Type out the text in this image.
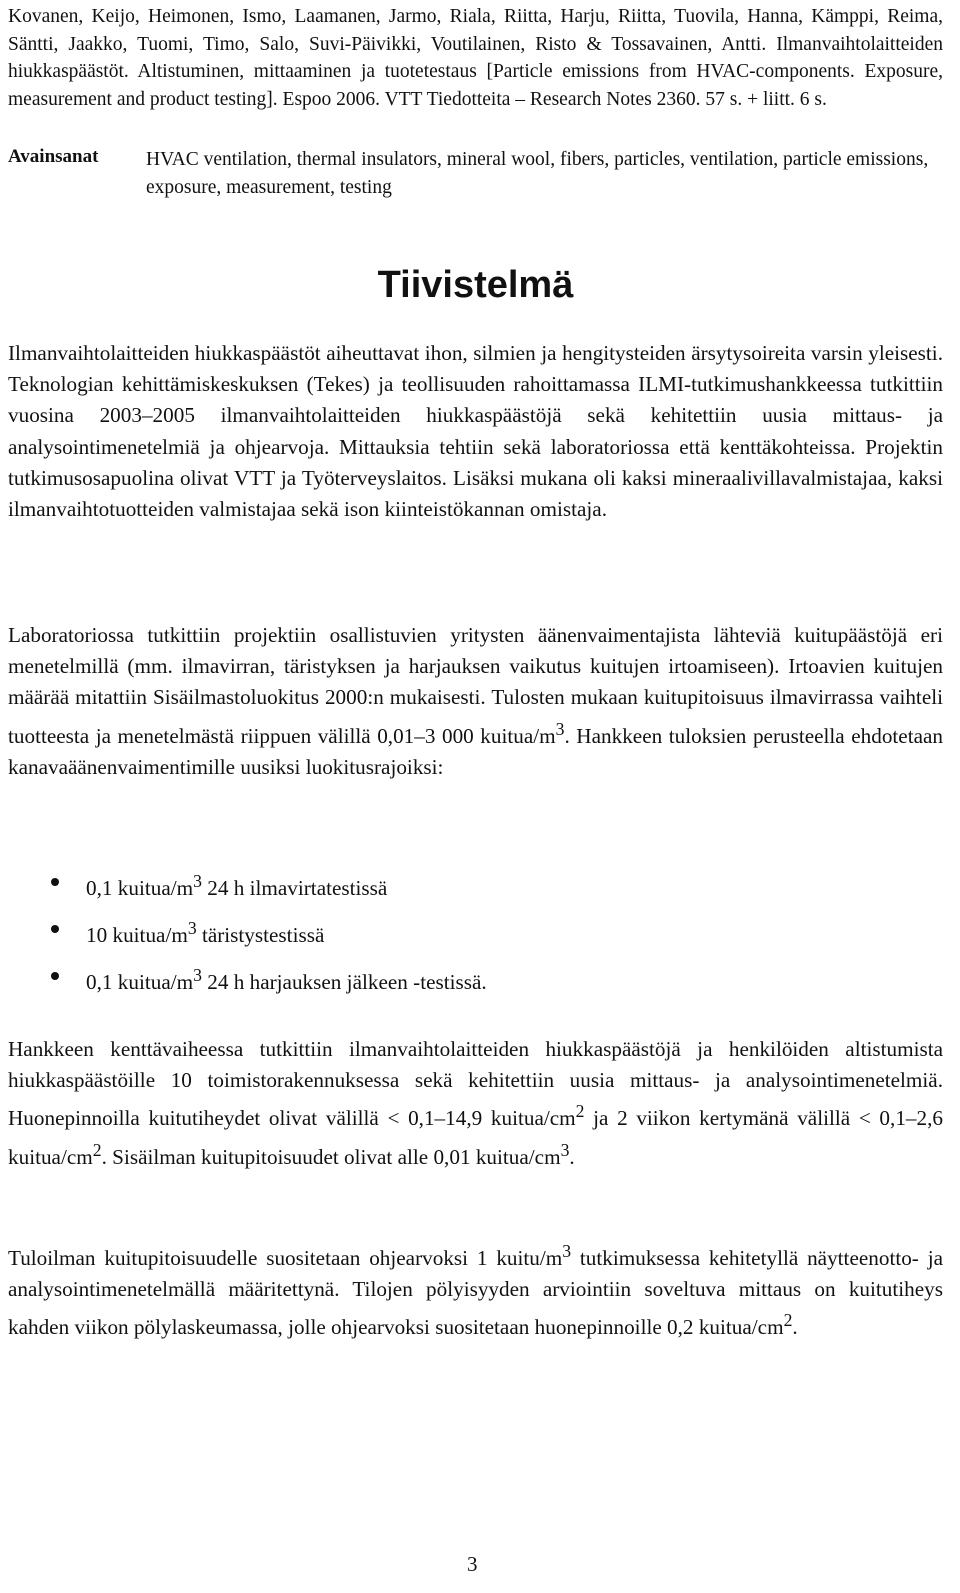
Kovanen, Keijo, Heimonen, Ismo, Laamanen, Jarmo, Riala, Riitta, Harju, Riitta, Tuovila, Hanna, Kämppi, Reima, Säntti, Jaakko, Tuomi, Timo, Salo, Suvi-Päivikki, Voutilainen, Risto & Tossavainen, Antti. Ilmanvaihtolaitteiden hiukkaspäästöt. Altistuminen, mittaaminen ja tuotetestaus [Particle emissions from HVAC-components. Exposure, measurement and product testing]. Espoo 2006. VTT Tiedotteita – Research Notes 2360. 57 s. + liitt. 6 s.
Avainsanat HVAC ventilation, thermal insulators, mineral wool, fibers, particles, ventilation, particle emissions, exposure, measurement, testing
Tiivistelmä

Ilmanvaihtolaitteiden hiukkaspäästöt aiheuttavat ihon, silmien ja hengitysteiden ärsytysoireita varsin yleisesti. Teknologian kehittämiskeskuksen (Tekes) ja teollisuuden rahoittamassa ILMI-tutkimushankkeessa tutkittiin vuosina 2003–2005 ilmanvaihtolaitteiden hiukkaspäästöjä sekä kehitettiin uusia mittaus- ja analysointimenetelmiä ja ohjearvoja. Mittauksia tehtiin sekä laboratoriossa että kenttäkohteissa. Projektin tutkimusosapuolina olivat VTT ja Työterveyslaitos. Lisäksi mukana oli kaksi mineraalivillavalmistajaa, kaksi ilmanvaihtotuotteiden valmistajaa sekä ison kiinteistökannan omistaja.

Laboratoriossa tutkittiin projektiin osallistuvien yritysten äänenvaimentajista lähteviä kuitupäästöjä eri menetelmillä (mm. ilmavirran, täristyksen ja harjauksen vaikutus kuitujen irtoamiseen). Irtoavien kuitujen määrää mitattiin Sisäilmastoluokitus 2000:n mukaisesti. Tulosten mukaan kuitupitoisuus ilmavirrassa vaihteli tuotteesta ja menetelmästä riippuen välillä 0,01–3 000 kuitua/$m^3$. Hankkeen tuloksien perusteella ehdotetaan kanavaäänenvaimentimille uusiksi luokitusrajoiksi:

0,1 kuitua/$m^3$ 24 h ilmavirtatestissä
10 kuitua/$m^3$ täristystestissä
0,1 kuitua/$m^3$ 24 h harjauksen jälkeen -testissä.

Hankkeen kenttävaiheessa tutkittiin ilmanvaihtolaitteiden hiukkaspäästöjä ja henkilöiden altistumista hiukkaspäästöille 10 toimistorakennuksessa sekä kehitettiin uusia mittaus- ja analysointimenetelmiä. Huonepinnoilla kuitutiheydet olivat välillä < 0,1–14,9 kuitua/$cm^2$ ja 2 viikon kertymänä välillä < 0,1–2,6 kuitua/$cm^2$. Sisäilman kuitupitoisuudet olivat alle 0,01 kuitua/$cm^3$.

Tuloilman kuitupitoisuudelle suositetaan ohjearvoksi 1 kuitu/$m^3$ tutkimuksessa kehitetyllä näytteenotto- ja analysointimenetelmällä määritettynä. Tilojen pölyisyyden arviointiin soveltuva mittaus on kuitutiheys kahden viikon pölylaskeumassa, jolle ohjearvoksi suositetaan huonepinnoille 0,2 kuitua/$cm^2$.

3
